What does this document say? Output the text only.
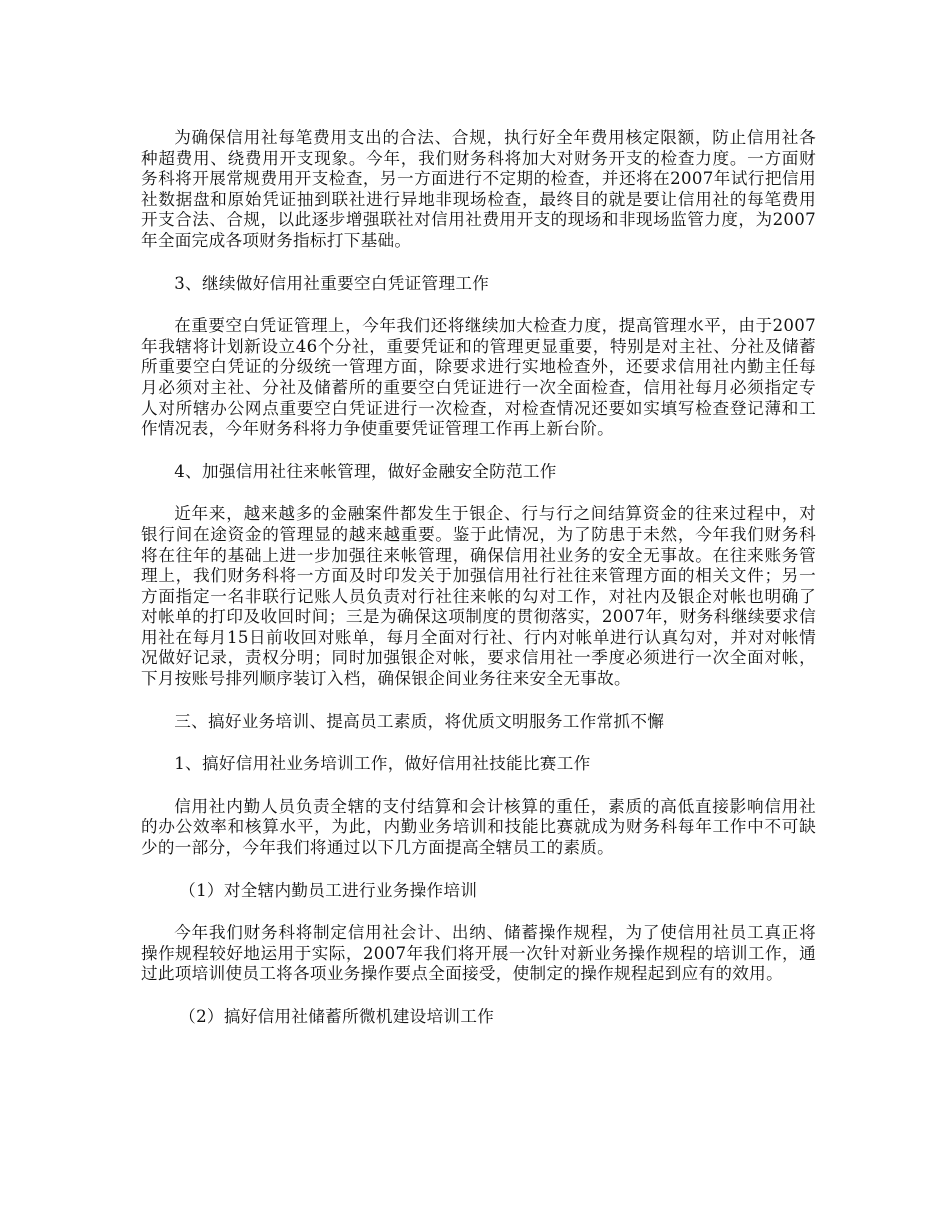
为确保信用社每笔费用支出的合法、合规，执行好全年费用核定限额，防止信用社各种超费用、绕费用开支现象。今年，我们财务科将加大对财务开支的检查力度。一方面财务科将开展常规费用开支检查，另一方面进行不定期的检查，并还将在2007年试行把信用社数据盘和原始凭证抽到联社进行异地非现场检查，最终目的就是要让信用社的每笔费用开支合法、合规，以此逐步增强联社对信用社费用开支的现场和非现场监管力度，为2007年全面完成各项财务指标打下基础。

3、继续做好信用社重要空白凭证管理工作

在重要空白凭证管理上，今年我们还将继续加大检查力度，提高管理水平，由于2007年我辖将计划新设立46个分社，重要凭证和的管理更显重要，特别是对主社、分社及储蓄所重要空白凭证的分级统一管理方面，除要求进行实地检查外，还要求信用社内勤主任每月必须对主社、分社及储蓄所的重要空白凭证进行一次全面检查，信用社每月必须指定专人对所辖办公网点重要空白凭证进行一次检查，对检查情况还要如实填写检查登记薄和工作情况表，今年财务科将力争使重要凭证管理工作再上新台阶。

4、加强信用社往来帐管理，做好金融安全防范工作

近年来，越来越多的金融案件都发生于银企、行与行之间结算资金的往来过程中，对银行间在途资金的管理显的越来越重要。鉴于此情况，为了防患于未然，今年我们财务科将在往年的基础上进一步加强往来帐管理，确保信用社业务的安全无事故。在往来账务管理上，我们财务科将一方面及时印发关于加强信用社行社往来管理方面的相关文件；另一方面指定一名非联行记账人员负责对行社往来帐的勾对工作，对社内及银企对帐也明确了对帐单的打印及收回时间；三是为确保这项制度的贯彻落实，2007年，财务科继续要求信用社在每月15日前收回对账单，每月全面对行社、行内对帐单进行认真勾对，并对对帐情况做好记录，责权分明；同时加强银企对帐，要求信用社一季度必须进行一次全面对帐，下月按账号排列顺序装订入档，确保银企间业务往来安全无事故。

三、搞好业务培训、提高员工素质，将优质文明服务工作常抓不懈

1、搞好信用社业务培训工作，做好信用社技能比赛工作

信用社内勤人员负责全辖的支付结算和会计核算的重任，素质的高低直接影响信用社的办公效率和核算水平，为此，内勤业务培训和技能比赛就成为财务科每年工作中不可缺少的一部分，今年我们将通过以下几方面提高全辖员工的素质。

（1）对全辖内勤员工进行业务操作培训

今年我们财务科将制定信用社会计、出纳、储蓄操作规程，为了使信用社员工真正将操作规程较好地运用于实际，2007年我们将开展一次针对新业务操作规程的培训工作，通过此项培训使员工将各项业务操作要点全面接受，使制定的操作规程起到应有的效用。

（2）搞好信用社储蓄所微机建设培训工作
